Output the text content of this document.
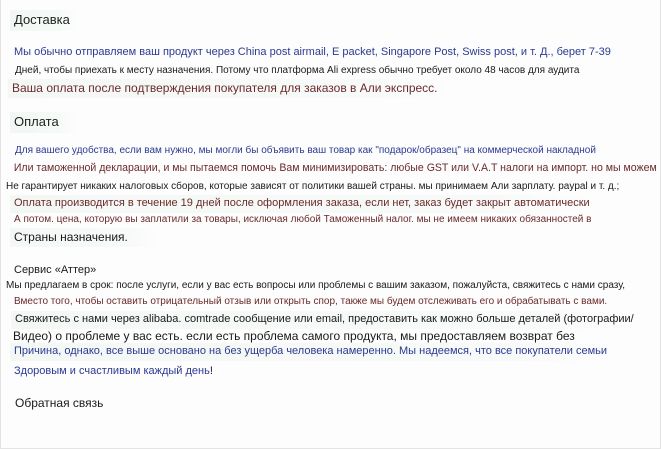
Доставка
Мы обычно отправляем ваш продукт через China post airmail, E packet, Singapore Post, Swiss post, и т. Д., берет 7-39
Дней, чтобы приехать к месту назначения. Потому что платформа Ali express обычно требует около 48 часов для аудита
Ваша оплата после подтверждения покупателя для заказов в Али экспресс.
Оплата
Для вашего удобства, если вам нужно, мы могли бы объявить ваш товар как "подарок/образец" на коммерческой накладной
Или таможенной декларации, и мы пытаемся помочь Вам минимизировать: любые GST или V.A.T налоги на импорт. но мы можем
Не гарантирует никаких налоговых сборов, которые зависят от политики вашей страны. мы принимаем Али зарплату. paypal и т. д.;
Оплата производится в течение 19 дней после оформления заказа, если нет, заказ будет закрыт автоматически
А потом. цена, которую вы заплатили за товары, исключая любой Таможенный налог. мы не имеем никаких обязанностей в
Страны назначения.
Сервис «Аттер»
Мы предлагаем в срок: после услуги, если у вас есть вопросы или проблемы с вашим заказом, пожалуйста, свяжитесь с нами сразу,
Вместо того, чтобы оставить отрицательный отзыв или открыть спор, также мы будем отслеживать его и обрабатывать с вами.
Свяжитесь с нами через alibaba. comtrade сообщение или email, предоставить как можно больше деталей (фотографии/
Видео) о проблеме у вас есть. если есть проблема самого продукта, мы предоставляем возврат без
Причина, однако, все выше основано на без ущерба человека намеренно. Мы надеемся, что все покупатели семьи
Здоровым и счастливым каждый день!
Обратная связь
